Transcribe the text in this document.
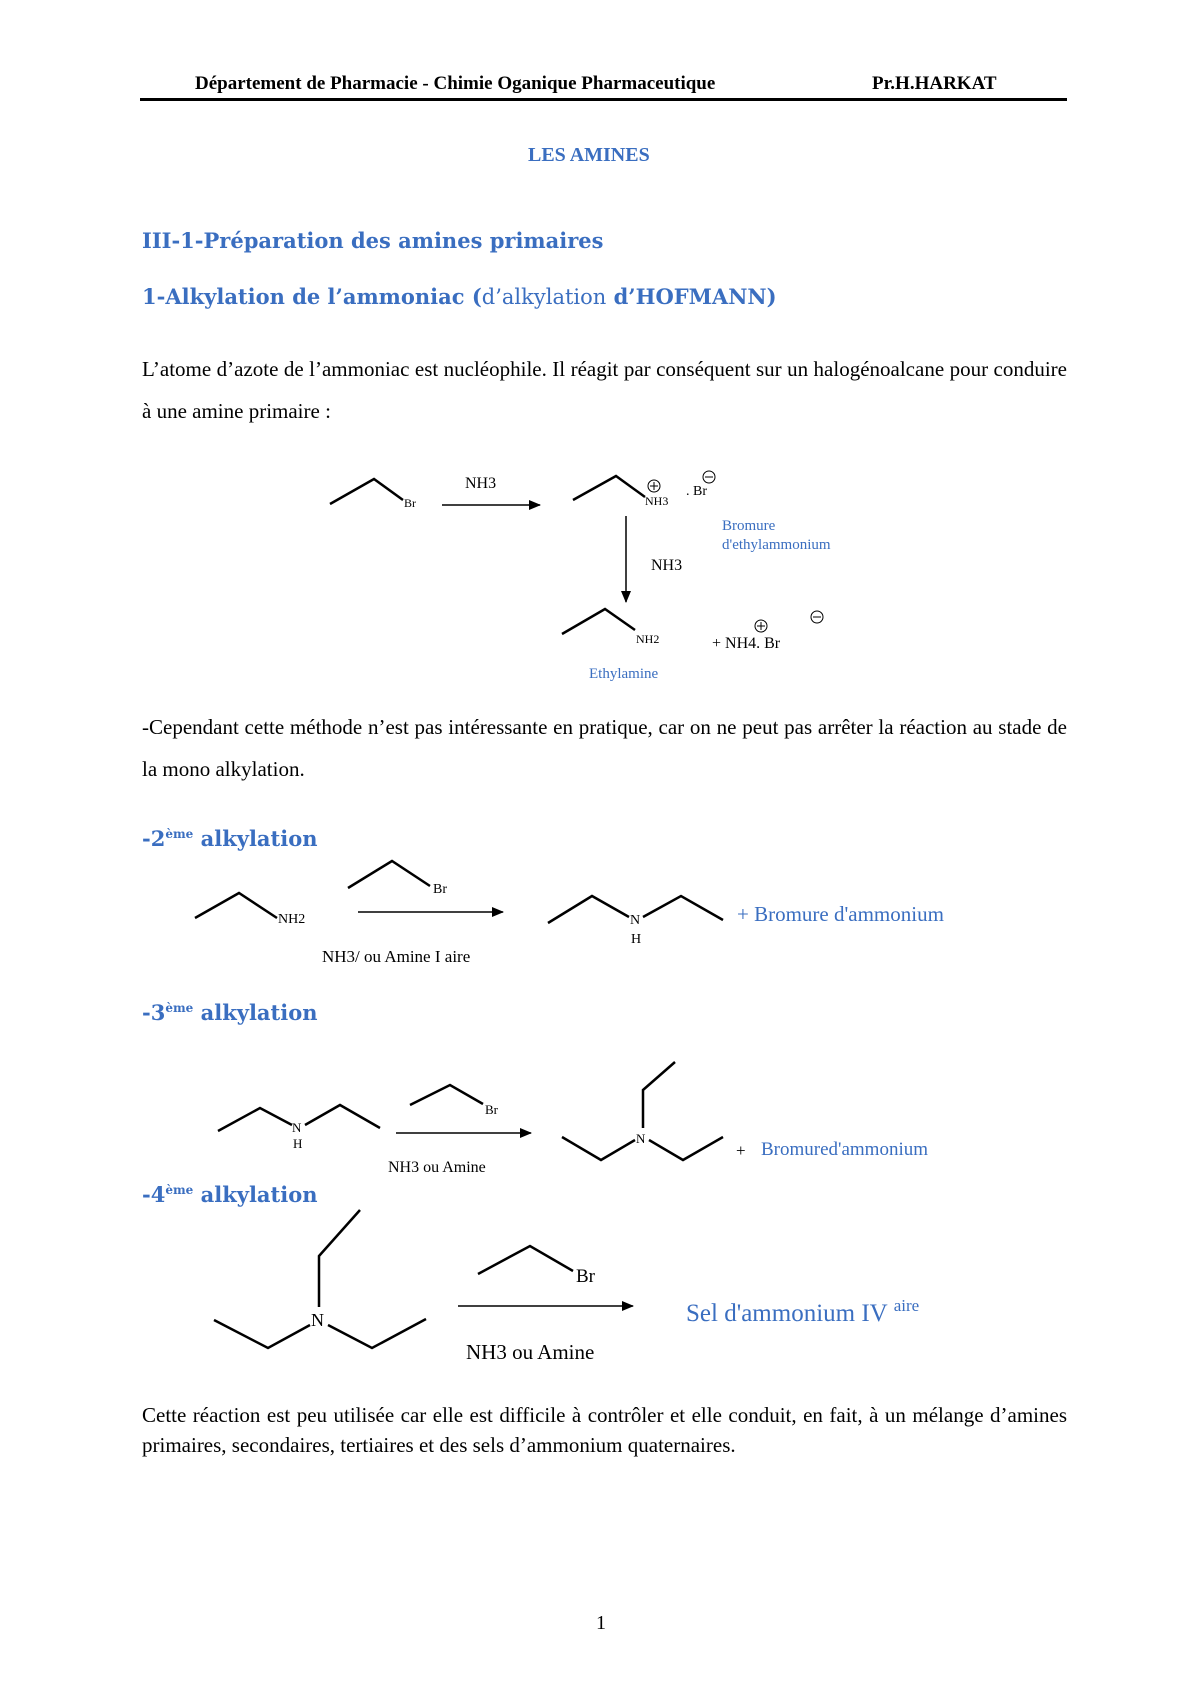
Département de Pharmacie - Chimie Oganique Pharmaceutique	Pr.H.HARKAT
LES AMINES
III-1-Préparation des amines primaires
1-Alkylation de l’ammoniac (d’alkylation d’HOFMANN)
L’atome d’azote de l’ammoniac est nucléophile. Il réagit par conséquent sur un halogénoalcane pour conduire à une amine primaire :
Br
NH3
NH3
. Br
Bromure
d'ethylammonium
NH3
NH2	+ NH4. Br
Ethylamine
NH2
Br
NH3/ ou Amine I aire
N
H
+ Bromure d'ammonium
N
H
Br
NH3 ou Amine
N
+ Bromured'ammonium
N
Br
NH3 ou Amine
Sel d'ammonium IV $^{aire}$
-Cependant cette méthode n’est pas intéressante en pratique, car on ne peut pas arrêter la réaction au stade de la mono alkylation.
-2ème alkylation
-3ème alkylation
-4ème alkylation
Cette réaction est peu utilisée car elle est difficile à contrôler et elle conduit, en fait, à un mélange d’amines primaires, secondaires, tertiaires et des sels d’ammonium quaternaires.
1
